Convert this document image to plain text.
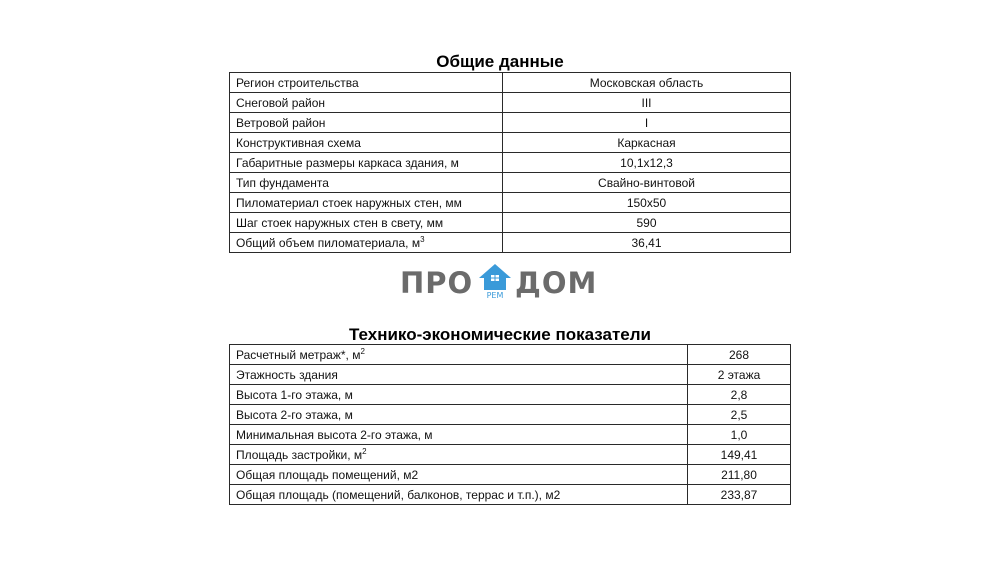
Общие данные
Регион строительства	Московская область
Снеговой район	III
Ветровой район	I
Конструктивная схема	Каркасная
Габаритные размеры каркаса здания, м	10,1x12,3
Тип фундамента	Свайно-винтовой
Пиломатериал стоек наружных стен, мм	150x50
Шаг стоек наружных стен в свету, мм	590
Общий объем пиломатериала, $м^3$	36,41
ПРО	РЕМ ДОМ
Технико-экономические показатели
Расчетный метраж*, $м^2$	268
Этажность здания	2 этажа
Высота 1-го этажа, м	2,8
Высота 2-го этажа, м	2,5
Минимальная высота 2-го этажа, м	1,0
Площадь застройки, $м^2$	149,41
Общая площадь помещений, м2	211,80
Общая площадь (помещений, балконов, террас и т.п.), м2	233,87
